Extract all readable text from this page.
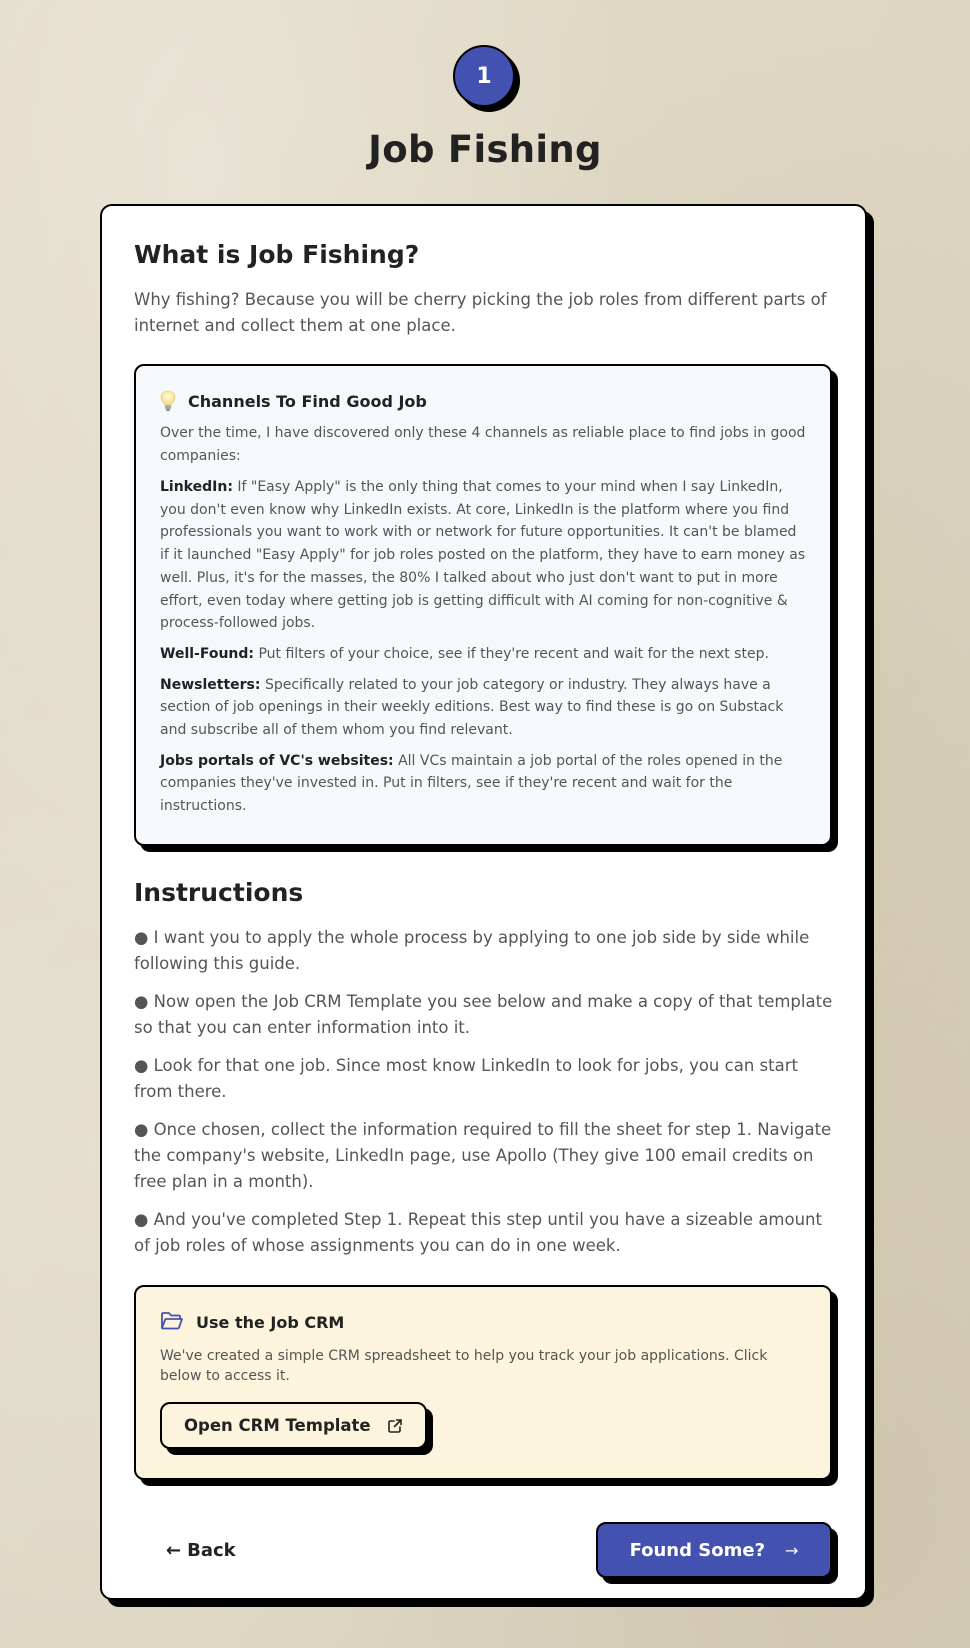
1
Job Fishing
What is Job Fishing?

Why fishing? Because you will be cherry picking the job roles from different parts of internet and collect them at one place.

Channels To Find Good Job

Over the time, I have discovered only these 4 channels as reliable place to find jobs in good companies:

LinkedIn: If "Easy Apply" is the only thing that comes to your mind when I say LinkedIn, you don't even know why LinkedIn exists. At core, LinkedIn is the platform where you find professionals you want to work with or network for future opportunities. It can't be blamed if it launched "Easy Apply" for job roles posted on the platform, they have to earn money as well. Plus, it's for the masses, the 80% I talked about who just don't want to put in more effort, even today where getting job is getting difficult with AI coming for non-cognitive & process-followed jobs.

Well-Found: Put filters of your choice, see if they're recent and wait for the next step.

Newsletters: Specifically related to your job category or industry. They always have a section of job openings in their weekly editions. Best way to find these is go on Substack and subscribe all of them whom you find relevant.

Jobs portals of VC's websites: All VCs maintain a job portal of the roles opened in the companies they've invested in. Put in filters, see if they're recent and wait for the instructions.

Instructions

● I want you to apply the whole process by applying to one job side by side while following this guide.

● Now open the Job CRM Template you see below and make a copy of that template so that you can enter information into it.

● Look for that one job. Since most know LinkedIn to look for jobs, you can start from there.

● Once chosen, collect the information required to fill the sheet for step 1. Navigate the company's website, LinkedIn page, use Apollo (They give 100 email credits on free plan in a month).

● And you've completed Step 1. Repeat this step until you have a sizeable amount of job roles of whose assignments you can do in one week.

Use the Job CRM

We've created a simple CRM spreadsheet to help you track your job applications. Click below to access it.

Open CRM Template
← Back	Found Some? →
